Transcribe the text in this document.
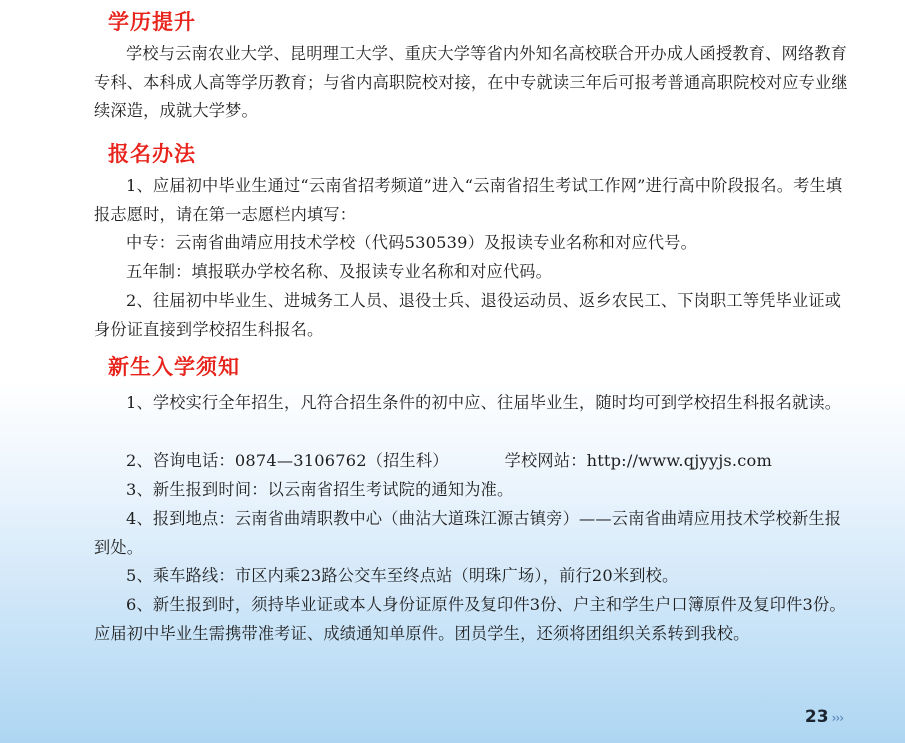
学历提升

学校与云南农业大学、昆明理工大学、重庆大学等省内外知名高校联合开办成人函授教育、网络教育专科、本科成人高等学历教育；与省内高职院校对接，在中专就读三年后可报考普通高职院校对应专业继续深造，成就大学梦。

报名办法

1、应届初中毕业生通过“云南省招考频道”进入“云南省招生考试工作网”进行高中阶段报名。考生填报志愿时，请在第一志愿栏内填写：

中专：云南省曲靖应用技术学校（代码530539）及报读专业名称和对应代号。

五年制：填报联办学校名称、及报读专业名称和对应代码。

2、往届初中毕业生、进城务工人员、退役士兵、退役运动员、返乡农民工、下岗职工等凭毕业证或身份证直接到学校招生科报名。

新生入学须知

1、学校实行全年招生，凡符合招生条件的初中应、往届毕业生，随时均可到学校招生科报名就读。

2、咨询电话：0874—3106762（招生科）	学校网站：http://www.qjyyjs.com

3、新生报到时间：以云南省招生考试院的通知为准。

4、报到地点：云南省曲靖职教中心（曲沾大道珠江源古镇旁）——云南省曲靖应用技术学校新生报到处。

5、乘车路线：市区内乘23路公交车至终点站（明珠广场），前行20米到校。

6、新生报到时，须持毕业证或本人身份证原件及复印件3份、户主和学生户口簿原件及复印件3份。应届初中毕业生需携带准考证、成绩通知单原件。团员学生，还须将团组织关系转到我校。

23 ›››
